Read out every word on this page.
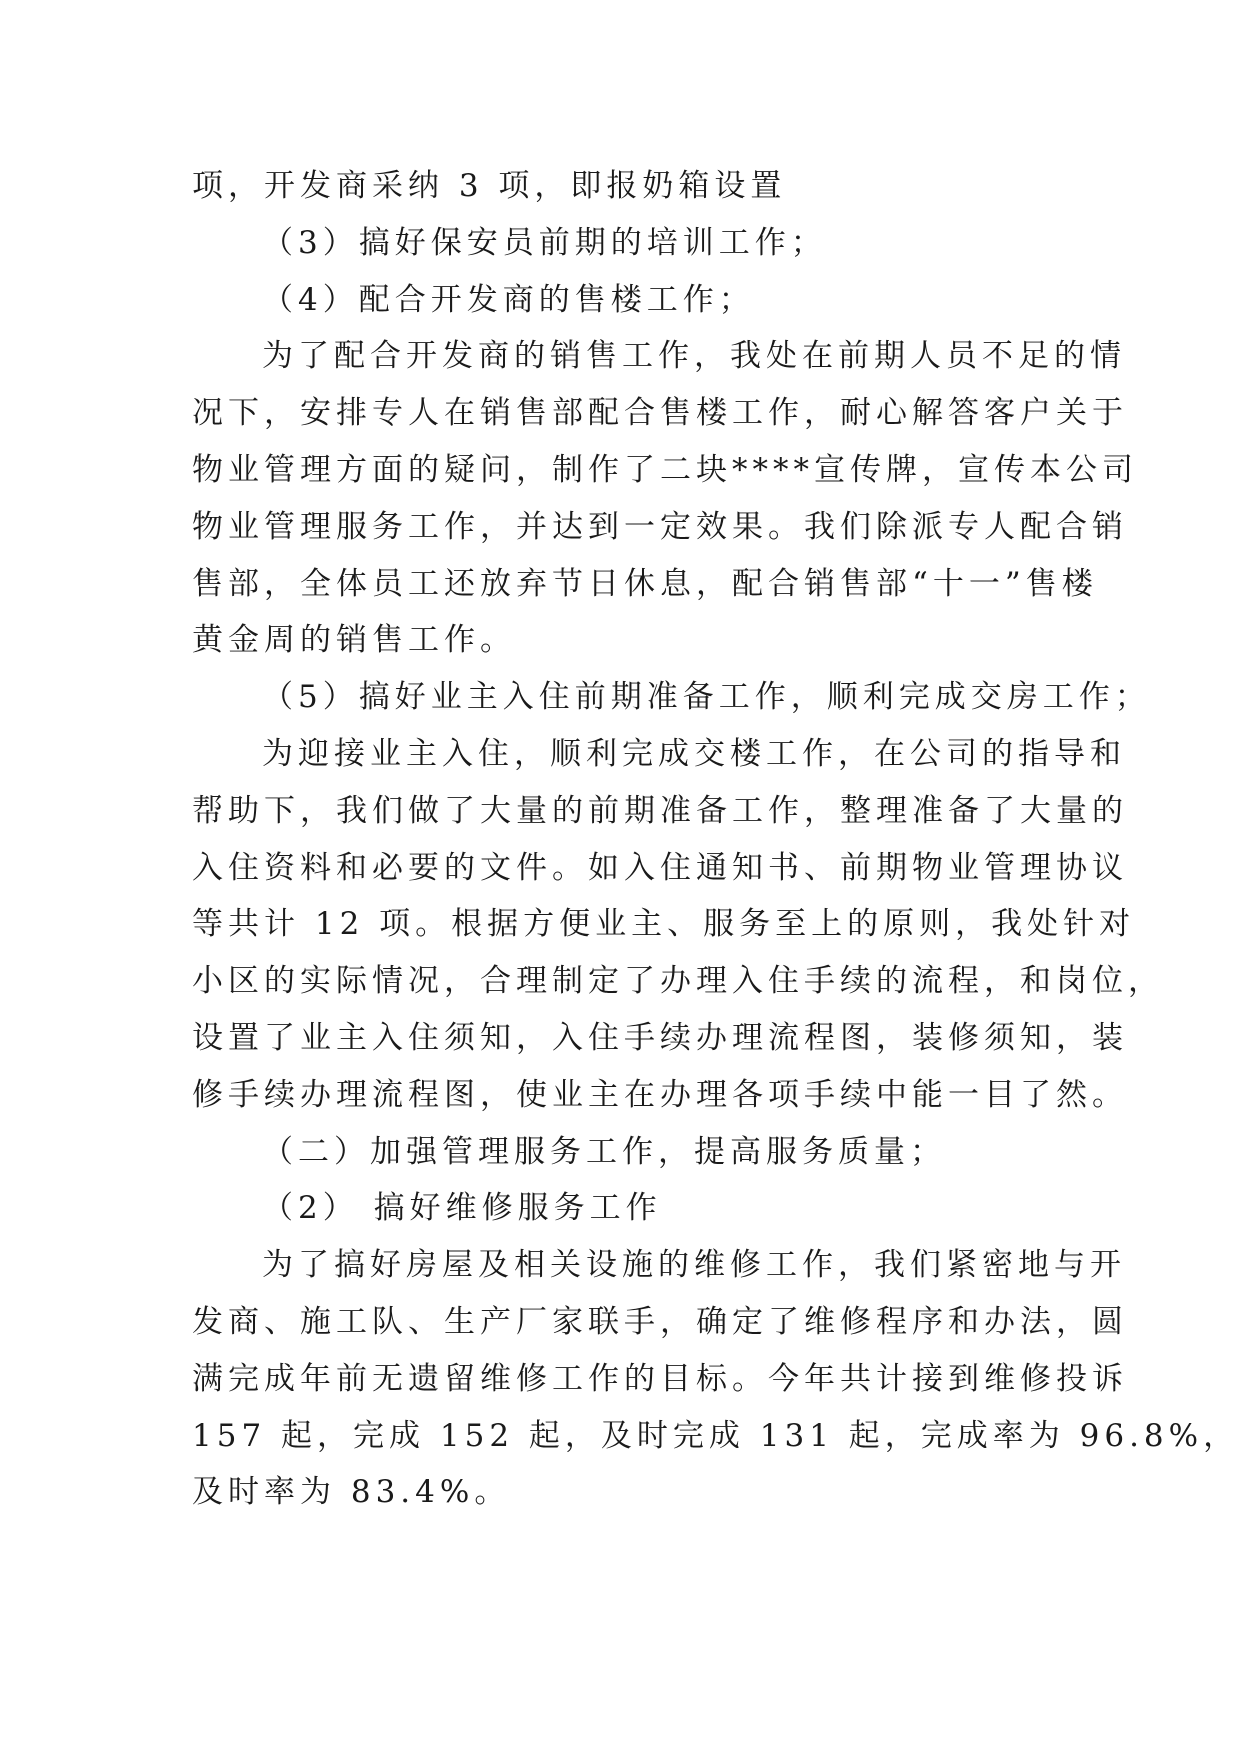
项，开发商采纳 3 项，即报奶箱设置
（3）搞好保安员前期的培训工作；
（4）配合开发商的售楼工作；
为了配合开发商的销售工作，我处在前期人员不足的情
况下，安排专人在销售部配合售楼工作，耐心解答客户关于
物业管理方面的疑问，制作了二块****宣传牌，宣传本公司
物业管理服务工作，并达到一定效果。我们除派专人配合销
售部，全体员工还放弃节日休息，配合销售部“十一”售楼
黄金周的销售工作。
（5）搞好业主入住前期准备工作，顺利完成交房工作；
为迎接业主入住，顺利完成交楼工作，在公司的指导和
帮助下，我们做了大量的前期准备工作，整理准备了大量的
入住资料和必要的文件。如入住通知书、前期物业管理协议
等共计 12 项。根据方便业主、服务至上的原则，我处针对
小区的实际情况，合理制定了办理入住手续的流程，和岗位，
设置了业主入住须知，入住手续办理流程图，装修须知，装
修手续办理流程图，使业主在办理各项手续中能一目了然。
（二）加强管理服务工作，提高服务质量；
（2） 搞好维修服务工作
为了搞好房屋及相关设施的维修工作，我们紧密地与开
发商、施工队、生产厂家联手，确定了维修程序和办法，圆
满完成年前无遗留维修工作的目标。今年共计接到维修投诉
157 起，完成 152 起，及时完成 131 起，完成率为 96.8%，
及时率为 83.4%。
